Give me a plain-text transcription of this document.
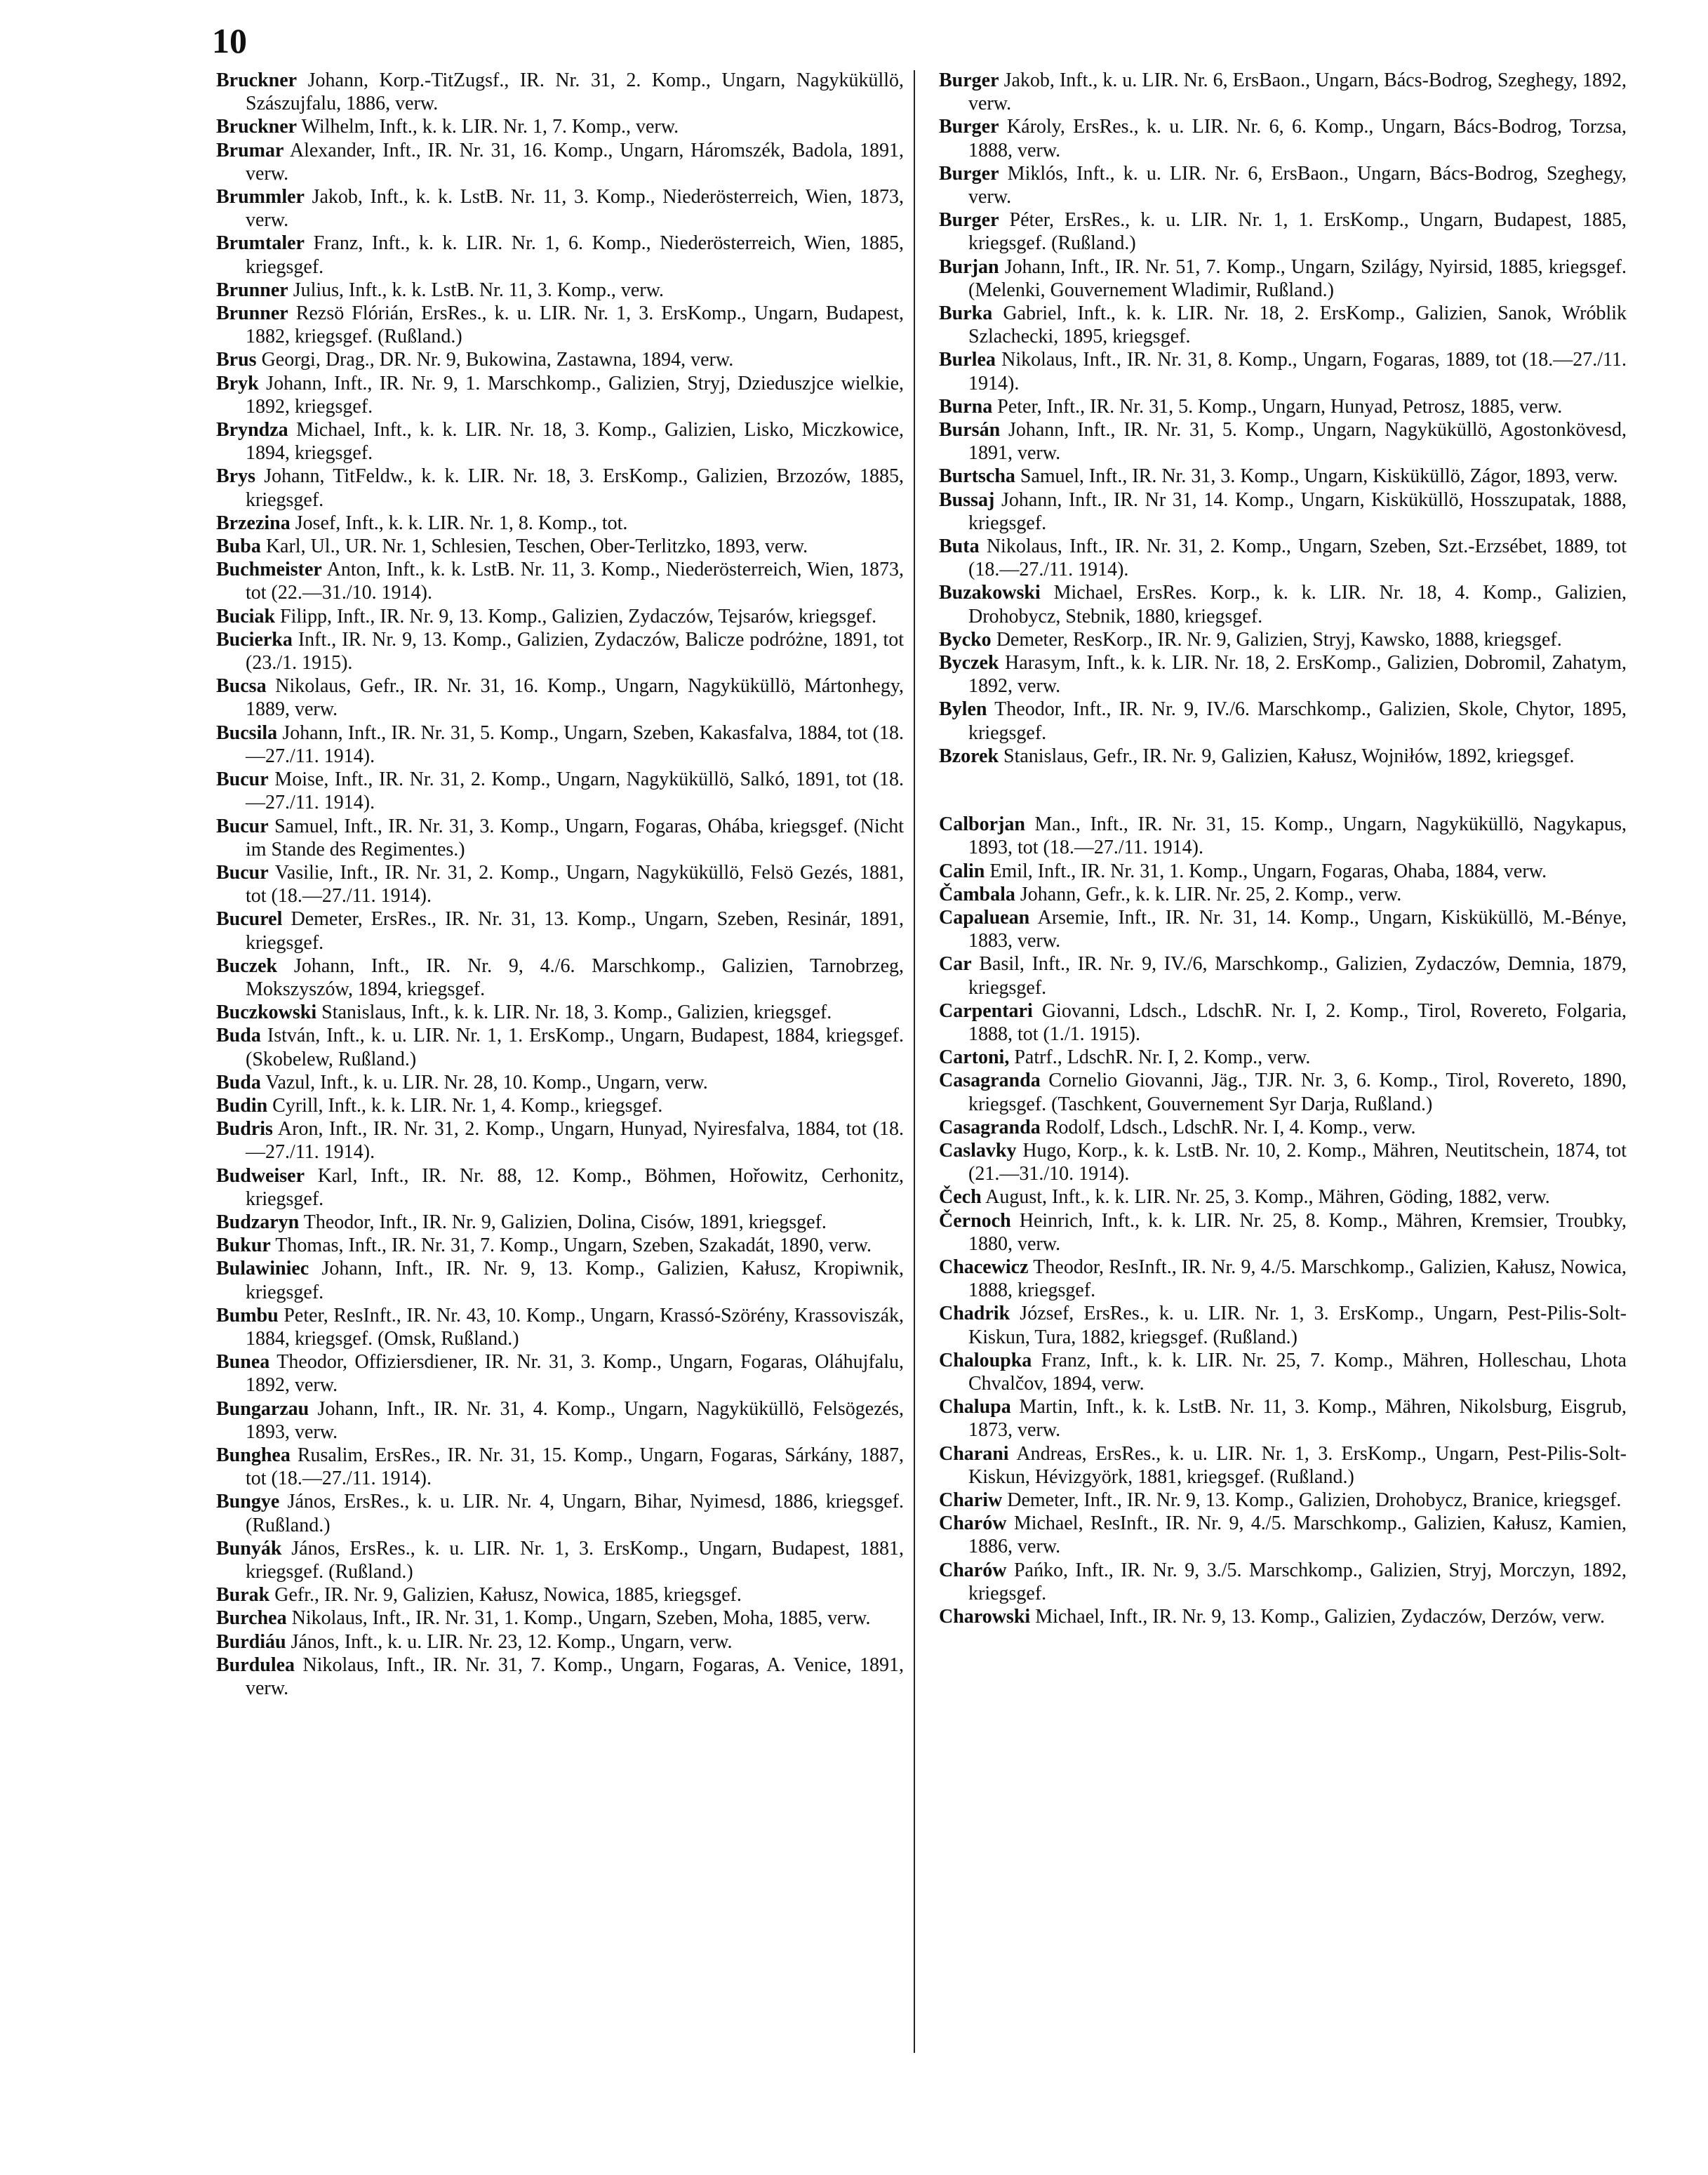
10

Bruckner Johann, Korp.-TitZugsf., IR. Nr. 31, 2. Komp., Ungarn, Nagyküküllö, Szászujfalu, 1886, verw.

Bruckner Wilhelm, Inft., k. k. LIR. Nr. 1, 7. Komp., verw.

Brumar Alexander, Inft., IR. Nr. 31, 16. Komp., Ungarn, Háromszék, Badola, 1891, verw.

Brummler Jakob, Inft., k. k. LstB. Nr. 11, 3. Komp., Niederösterreich, Wien, 1873, verw.

Brumtaler Franz, Inft., k. k. LIR. Nr. 1, 6. Komp., Niederösterreich, Wien, 1885, kriegsgef.

Brunner Julius, Inft., k. k. LstB. Nr. 11, 3. Komp., verw.

Brunner Rezsö Flórián, ErsRes., k. u. LIR. Nr. 1, 3. ErsKomp., Ungarn, Budapest, 1882, kriegsgef. (Rußland.)

Brus Georgi, Drag., DR. Nr. 9, Bukowina, Zastawna, 1894, verw.

Bryk Johann, Inft., IR. Nr. 9, 1. Marschkomp., Galizien, Stryj, Dzieduszjce wielkie, 1892, kriegsgef.

Bryndza Michael, Inft., k. k. LIR. Nr. 18, 3. Komp., Galizien, Lisko, Miczkowice, 1894, kriegsgef.

Brys Johann, TitFeldw., k. k. LIR. Nr. 18, 3. ErsKomp., Galizien, Brzozów, 1885, kriegsgef.

Brzezina Josef, Inft., k. k. LIR. Nr. 1, 8. Komp., tot.

Buba Karl, Ul., UR. Nr. 1, Schlesien, Teschen, Ober-Terlitzko, 1893, verw.

Buchmeister Anton, Inft., k. k. LstB. Nr. 11, 3. Komp., Niederösterreich, Wien, 1873, tot (22.—31./10. 1914).

Buciak Filipp, Inft., IR. Nr. 9, 13. Komp., Galizien, Zydaczów, Tejsarów, kriegsgef.

Bucierka Inft., IR. Nr. 9, 13. Komp., Galizien, Zydaczów, Balicze podróżne, 1891, tot (23./1. 1915).

Bucsa Nikolaus, Gefr., IR. Nr. 31, 16. Komp., Ungarn, Nagyküküllö, Mártonhegy, 1889, verw.

Bucsila Johann, Inft., IR. Nr. 31, 5. Komp., Ungarn, Szeben, Kakasfalva, 1884, tot (18.—27./11. 1914).

Bucur Moise, Inft., IR. Nr. 31, 2. Komp., Ungarn, Nagyküküllö, Salkó, 1891, tot (18.—27./11. 1914).

Bucur Samuel, Inft., IR. Nr. 31, 3. Komp., Ungarn, Fogaras, Ohába, kriegsgef. (Nicht im Stande des Regimentes.)

Bucur Vasilie, Inft., IR. Nr. 31, 2. Komp., Ungarn, Nagyküküllö, Felsö Gezés, 1881, tot (18.—27./11. 1914).

Bucurel Demeter, ErsRes., IR. Nr. 31, 13. Komp., Ungarn, Szeben, Resinár, 1891, kriegsgef.

Buczek Johann, Inft., IR. Nr. 9, 4./6. Marschkomp., Galizien, Tarnobrzeg, Mokszyszów, 1894, kriegsgef.

Buczkowski Stanislaus, Inft., k. k. LIR. Nr. 18, 3. Komp., Galizien, kriegsgef.

Buda István, Inft., k. u. LIR. Nr. 1, 1. ErsKomp., Ungarn, Budapest, 1884, kriegsgef. (Skobelew, Rußland.)

Buda Vazul, Inft., k. u. LIR. Nr. 28, 10. Komp., Ungarn, verw.

Budin Cyrill, Inft., k. k. LIR. Nr. 1, 4. Komp., kriegsgef.

Budris Aron, Inft., IR. Nr. 31, 2. Komp., Ungarn, Hunyad, Nyiresfalva, 1884, tot (18.—27./11. 1914).

Budweiser Karl, Inft., IR. Nr. 88, 12. Komp., Böhmen, Hořowitz, Cerhonitz, kriegsgef.

Budzaryn Theodor, Inft., IR. Nr. 9, Galizien, Dolina, Cisów, 1891, kriegsgef.

Bukur Thomas, Inft., IR. Nr. 31, 7. Komp., Ungarn, Szeben, Szakadát, 1890, verw.

Bulawiniec Johann, Inft., IR. Nr. 9, 13. Komp., Galizien, Kałusz, Kropiwnik, kriegsgef.

Bumbu Peter, ResInft., IR. Nr. 43, 10. Komp., Ungarn, Krassó-Szörény, Krassoviszák, 1884, kriegsgef. (Omsk, Rußland.)

Bunea Theodor, Offiziersdiener, IR. Nr. 31, 3. Komp., Ungarn, Fogaras, Oláhujfalu, 1892, verw.

Bungarzau Johann, Inft., IR. Nr. 31, 4. Komp., Ungarn, Nagyküküllö, Felsögezés, 1893, verw.

Bunghea Rusalim, ErsRes., IR. Nr. 31, 15. Komp., Ungarn, Fogaras, Sárkány, 1887, tot (18.—27./11. 1914).

Bungye János, ErsRes., k. u. LIR. Nr. 4, Ungarn, Bihar, Nyimesd, 1886, kriegsgef. (Rußland.)

Bunyák János, ErsRes., k. u. LIR. Nr. 1, 3. ErsKomp., Ungarn, Budapest, 1881, kriegsgef. (Rußland.)

Burak Gefr., IR. Nr. 9, Galizien, Kałusz, Nowica, 1885, kriegsgef.

Burchea Nikolaus, Inft., IR. Nr. 31, 1. Komp., Ungarn, Szeben, Moha, 1885, verw.

Burdiáu János, Inft., k. u. LIR. Nr. 23, 12. Komp., Ungarn, verw.

Burdulea Nikolaus, Inft., IR. Nr. 31, 7. Komp., Ungarn, Fogaras, A. Venice, 1891, verw.

Burger Jakob, Inft., k. u. LIR. Nr. 6, ErsBaon., Ungarn, Bács-Bodrog, Szeghegy, 1892, verw.

Burger Károly, ErsRes., k. u. LIR. Nr. 6, 6. Komp., Ungarn, Bács-Bodrog, Torzsa, 1888, verw.

Burger Miklós, Inft., k. u. LIR. Nr. 6, ErsBaon., Ungarn, Bács-Bodrog, Szeghegy, verw.

Burger Péter, ErsRes., k. u. LIR. Nr. 1, 1. ErsKomp., Ungarn, Budapest, 1885, kriegsgef. (Rußland.)

Burjan Johann, Inft., IR. Nr. 51, 7. Komp., Ungarn, Szilágy, Nyirsid, 1885, kriegsgef. (Melenki, Gouvernement Wladimir, Rußland.)

Burka Gabriel, Inft., k. k. LIR. Nr. 18, 2. ErsKomp., Galizien, Sanok, Wróblik Szlachecki, 1895, kriegsgef.

Burlea Nikolaus, Inft., IR. Nr. 31, 8. Komp., Ungarn, Fogaras, 1889, tot (18.—27./11. 1914).

Burna Peter, Inft., IR. Nr. 31, 5. Komp., Ungarn, Hunyad, Petrosz, 1885, verw.

Bursán Johann, Inft., IR. Nr. 31, 5. Komp., Ungarn, Nagyküküllö, Agostonkövesd, 1891, verw.

Burtscha Samuel, Inft., IR. Nr. 31, 3. Komp., Ungarn, Kisküküllö, Zágor, 1893, verw.

Bussaj Johann, Inft., IR. Nr 31, 14. Komp., Ungarn, Kisküküllö, Hosszupatak, 1888, kriegsgef.

Buta Nikolaus, Inft., IR. Nr. 31, 2. Komp., Ungarn, Szeben, Szt.-Erzsébet, 1889, tot (18.—27./11. 1914).

Buzakowski Michael, ErsRes. Korp., k. k. LIR. Nr. 18, 4. Komp., Galizien, Drohobycz, Stebnik, 1880, kriegsgef.

Bycko Demeter, ResKorp., IR. Nr. 9, Galizien, Stryj, Kawsko, 1888, kriegsgef.

Byczek Harasym, Inft., k. k. LIR. Nr. 18, 2. ErsKomp., Galizien, Dobromil, Zahatym, 1892, verw.

Bylen Theodor, Inft., IR. Nr. 9, IV./6. Marschkomp., Galizien, Skole, Chytor, 1895, kriegsgef.

Bzorek Stanislaus, Gefr., IR. Nr. 9, Galizien, Kałusz, Wojniłów, 1892, kriegsgef.

Calborjan Man., Inft., IR. Nr. 31, 15. Komp., Ungarn, Nagyküküllö, Nagykapus, 1893, tot (18.—27./11. 1914).

Calin Emil, Inft., IR. Nr. 31, 1. Komp., Ungarn, Fogaras, Ohaba, 1884, verw.

Čambala Johann, Gefr., k. k. LIR. Nr. 25, 2. Komp., verw.

Capaluean Arsemie, Inft., IR. Nr. 31, 14. Komp., Ungarn, Kisküküllö, M.-Bénye, 1883, verw.

Car Basil, Inft., IR. Nr. 9, IV./6, Marschkomp., Galizien, Zydaczów, Demnia, 1879, kriegsgef.

Carpentari Giovanni, Ldsch., LdschR. Nr. I, 2. Komp., Tirol, Rovereto, Folgaria, 1888, tot (1./1. 1915).

Cartoni, Patrf., LdschR. Nr. I, 2. Komp., verw.

Casagranda Cornelio Giovanni, Jäg., TJR. Nr. 3, 6. Komp., Tirol, Rovereto, 1890, kriegsgef. (Taschkent, Gouvernement Syr Darja, Rußland.)

Casagranda Rodolf, Ldsch., LdschR. Nr. I, 4. Komp., verw.

Caslavky Hugo, Korp., k. k. LstB. Nr. 10, 2. Komp., Mähren, Neutitschein, 1874, tot (21.—31./10. 1914).

Čech August, Inft., k. k. LIR. Nr. 25, 3. Komp., Mähren, Göding, 1882, verw.

Černoch Heinrich, Inft., k. k. LIR. Nr. 25, 8. Komp., Mähren, Kremsier, Troubky, 1880, verw.

Chacewicz Theodor, ResInft., IR. Nr. 9, 4./5. Marschkomp., Galizien, Kałusz, Nowica, 1888, kriegsgef.

Chadrik József, ErsRes., k. u. LIR. Nr. 1, 3. ErsKomp., Ungarn, Pest-Pilis-Solt-Kiskun, Tura, 1882, kriegsgef. (Rußland.)

Chaloupka Franz, Inft., k. k. LIR. Nr. 25, 7. Komp., Mähren, Holleschau, Lhota Chvalčov, 1894, verw.

Chalupa Martin, Inft., k. k. LstB. Nr. 11, 3. Komp., Mähren, Nikolsburg, Eisgrub, 1873, verw.

Charani Andreas, ErsRes., k. u. LIR. Nr. 1, 3. ErsKomp., Ungarn, Pest-Pilis-Solt-Kiskun, Hévizgyörk, 1881, kriegsgef. (Rußland.)

Chariw Demeter, Inft., IR. Nr. 9, 13. Komp., Galizien, Drohobycz, Branice, kriegsgef.

Charów Michael, ResInft., IR. Nr. 9, 4./5. Marschkomp., Galizien, Kałusz, Kamien, 1886, verw.

Charów Pańko, Inft., IR. Nr. 9, 3./5. Marschkomp., Galizien, Stryj, Morczyn, 1892, kriegsgef.

Charowski Michael, Inft., IR. Nr. 9, 13. Komp., Galizien, Zydaczów, Derzów, verw.
